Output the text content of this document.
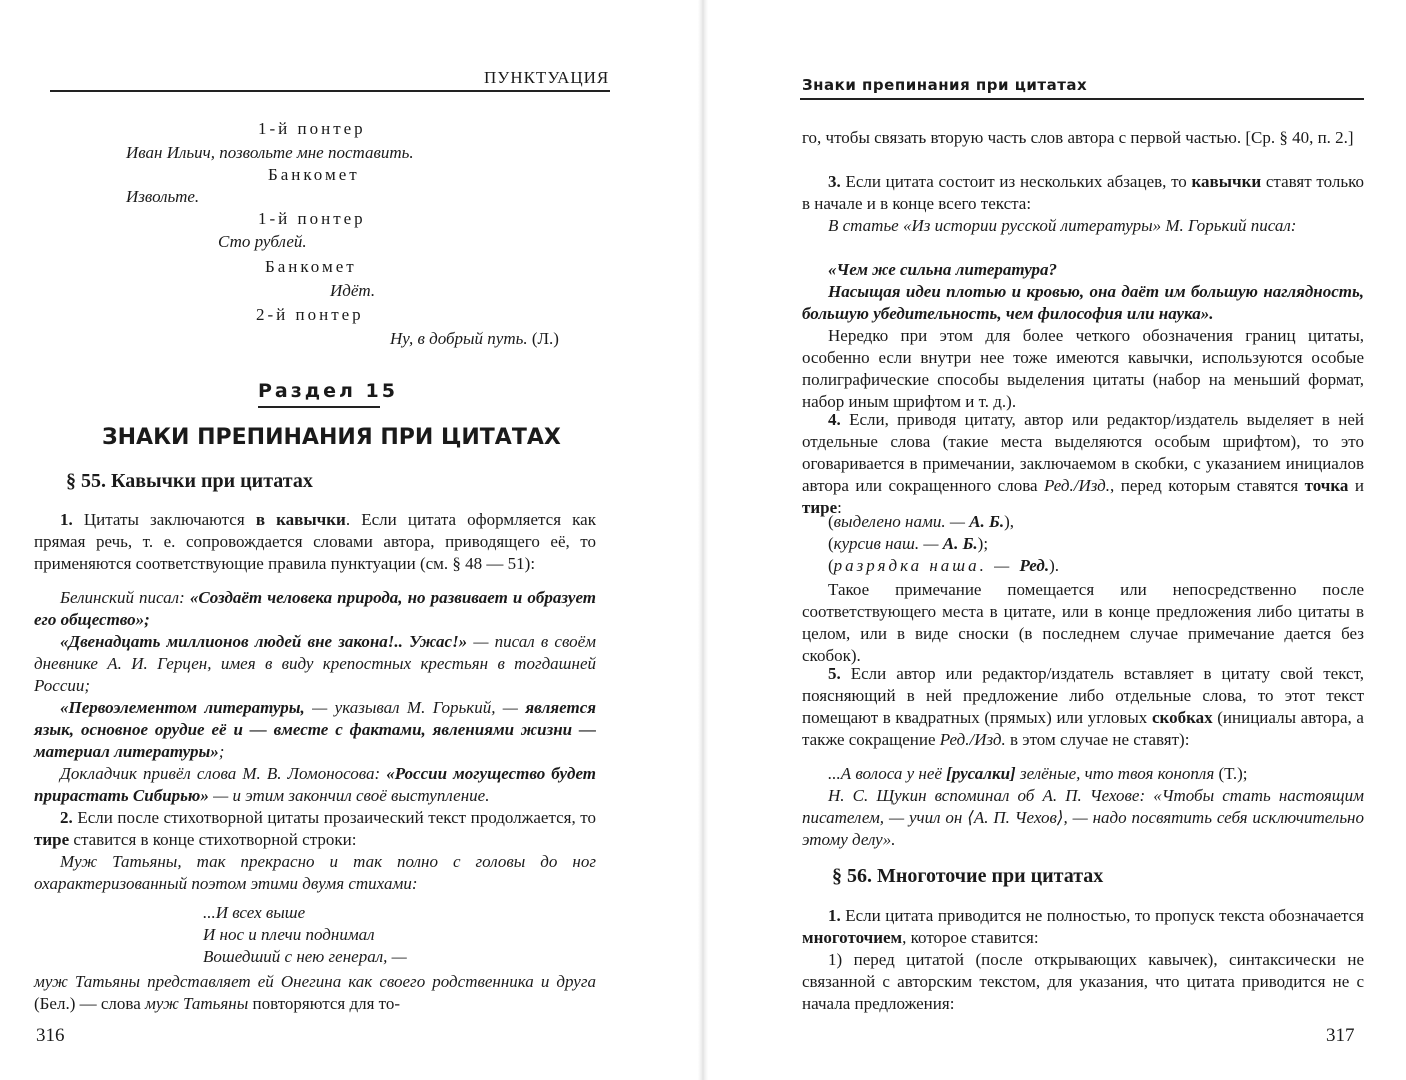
ПУНКТУАЦИЯ
1-й понтер
Иван Ильич, позвольте мне поставить.
Банкомет
Извольте.
1-й понтер
Сто рублей.
Банкомет
Идёт.
2-й понтер
Ну, в добрый путь. (Л.)
Раздел 15
ЗНАКИ ПРЕПИНАНИЯ ПРИ ЦИТАТАХ
§ 55. Кавычки при цитатах
1. Цитаты заключаются в кавычки. Если цитата оформляется как прямая речь, т. е. сопровождается словами автора, приводящего её, то применяются соответствующие правила пунктуации (см. § 48 — 51):
Белинский писал: «Создаёт человека природа, но развивает и образует его общество»;
«Двенадцать миллионов людей вне закона!.. Ужас!» — писал в своём дневнике А. И. Герцен, имея в виду крепостных крестьян в тогдашней России;
«Первоэлементом литературы, — указывал М. Горький, — является язык, основное орудие её и — вместе с фактами, явлениями жизни — материал литературы»;
Докладчик привёл слова М. В. Ломоносова: «России могущество будет прирастать Сибирью» — и этим закончил своё выступление.
2. Если после стихотворной цитаты прозаический текст продолжается, то тире ставится в конце стихотворной строки:
Муж Татьяны, так прекрасно и так полно с головы до ног охарактеризованный поэтом этими двумя стихами:
...И всех выше
И нос и плечи поднимал
Вошедший с нею генерал, —
муж Татьяны представляет ей Онегина как своего родственника и друга (Бел.) — слова муж Татьяны повторяются для то-
316
Знаки препинания при цитатах
го, чтобы связать вторую часть слов автора с первой частью. [Ср. § 40, п. 2.]
3. Если цитата состоит из нескольких абзацев, то кавычки ставят только в начале и в конце всего текста:
В статье «Из истории русской литературы» М. Горький писал:
«Чем же сильна литература?
Насыщая идеи плотью и кровью, она даёт им большую наглядность, большую убедительность, чем философия или наука».
Нередко при этом для более четкого обозначения границ цитаты, особенно если внутри нее тоже имеются кавычки, используются особые полиграфические способы выделения цитаты (набор на меньший формат, набор иным шрифтом и т. д.).
4. Если, приводя цитату, автор или редактор/издатель выделяет в ней отдельные слова (такие места выделяются особым шрифтом), то это оговаривается в примечании, заключаемом в скобки, с указанием инициалов автора или сокращенного слова Ред./Изд., перед которым ставятся точка и тире:
(выделено нами. — А. Б.),
(курсив наш. — А. Б.);
(разрядка наша. — Ред.).
Такое примечание помещается или непосредственно после соответствующего места в цитате, или в конце предложения либо цитаты в целом, или в виде сноски (в последнем случае примечание дается без скобок).
5. Если автор или редактор/издатель вставляет в цитату свой текст, поясняющий в ней предложение либо отдельные слова, то этот текст помещают в квадратных (прямых) или угловых скобках (инициалы автора, а также сокращение Ред./Изд. в этом случае не ставят):
...А волоса у неё [русалки] зелёные, что твоя конопля (Т.);
Н. С. Щукин вспоминал об А. П. Чехове: «Чтобы стать настоящим писателем, — учил он ⟨А. П. Чехов⟩, — надо посвятить себя исключительно этому делу».
§ 56. Многоточие при цитатах
1. Если цитата приводится не полностью, то пропуск текста обозначается многоточием, которое ставится:
1) перед цитатой (после открывающих кавычек), синтаксически не связанной с авторским текстом, для указания, что цитата приводится не с начала предложения:
317
